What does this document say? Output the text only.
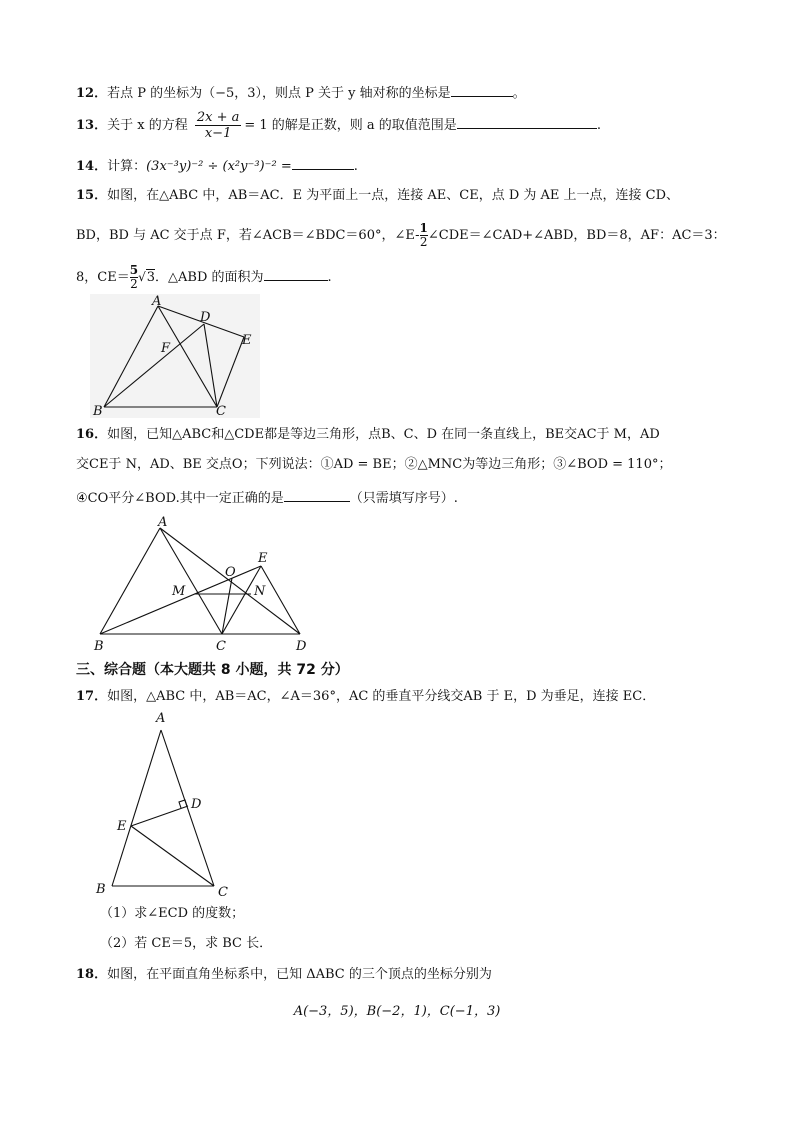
12．若点 P 的坐标为（−5，3），则点 P 关于 y 轴对称的坐标是	。
13．关于 x 的方程 $\frac{2x + a}{x-1} = 1$ 的解是正数，则 a 的取值范围是	.
14．计算：(3x⁻³y)⁻² ÷ (x²y⁻³)⁻² =	.
15．如图，在△ABC 中，AB＝AC．E 为平面上一点，连接 AE、CE，点 D 为 AE 上一点，连接 CD、
BD，BD 与 AC 交于点 F，若∠ACB＝∠BDC＝60°，∠E- $\frac{1}{2}$ ∠CDE＝∠CAD+∠ABD，BD＝8，AF：AC＝3：
8，$CE= \frac{5}{2} √3$．△ABD 的面积为	.
A
B	C
D
E
F
16．如图，已知△ABC和△CDE都是等边三角形，点B、C、D 在同一条直线上，BE交AC于 M，AD
交CE于 N，AD、BE 交点O；下列说法：①AD = BE；②△MNC为等边三角形；③∠BOD = 110°；
④CO平分∠BOD.其中一定正确的是	（只需填写序号）.
A
B	C	D
E
M	N
O
三、综合题（本大题共 8 小题，共 72 分）
17．如图，△ABC 中，AB＝AC，∠A＝36°，AC 的垂直平分线交AB 于 E，D 为垂足，连接 EC．
A
B	C
D
E
（1）求∠ECD 的度数；
（2）若 CE＝5，求 BC 长．
18．如图，在平面直角坐标系中，已知 ΔABC 的三个顶点的坐标分别为
A(−3，5)，B(−2，1)，C(−1，3)
